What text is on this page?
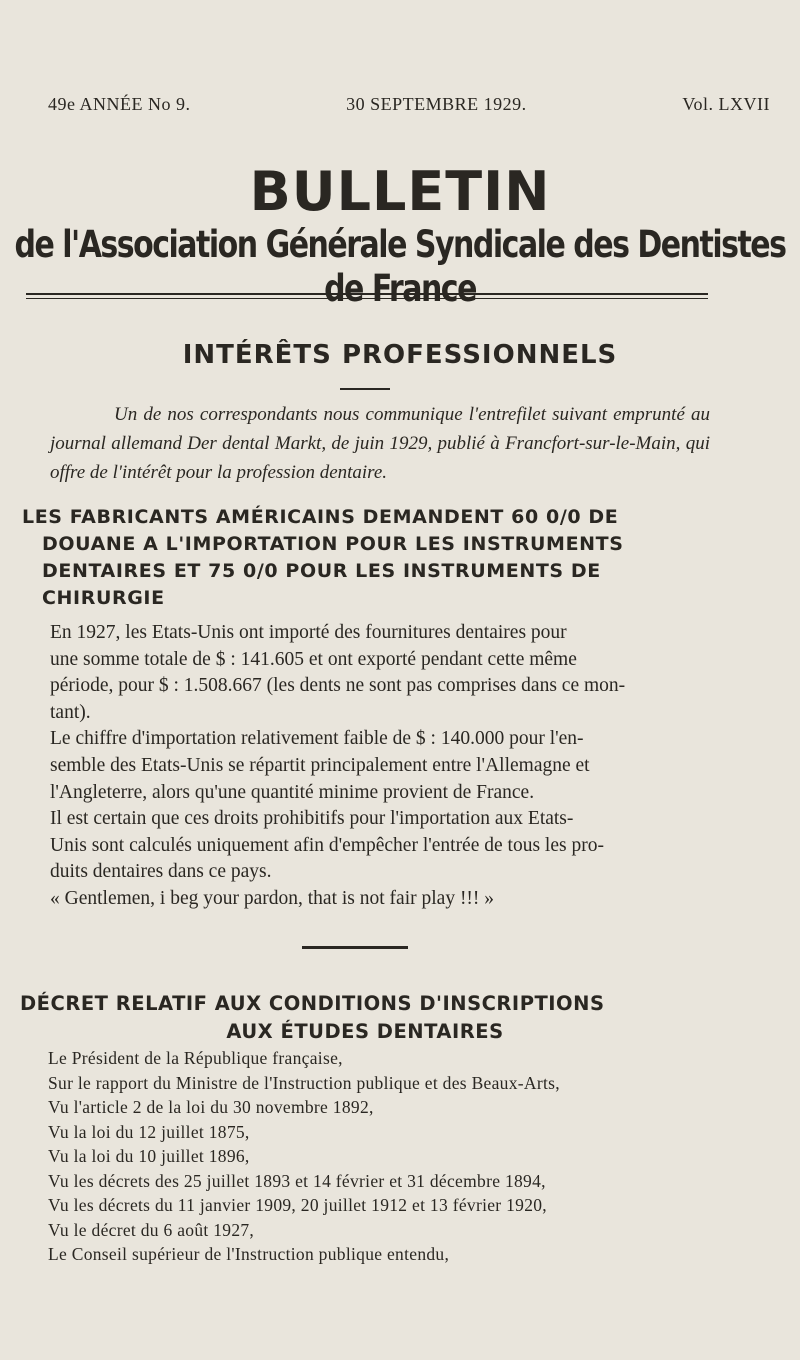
49e ANNÉE No 9.	30 SEPTEMBRE 1929.	Vol. LXVII
BULLETIN
de l'Association Générale Syndicale des Dentistes de France
INTÉRÊTS PROFESSIONNELS
Un de nos correspondants nous communique l'entrefilet suivant emprunté au journal allemand Der dental Markt, de juin 1929, publié à Francfort-sur-le-Main, qui offre de l'intérêt pour la profession dentaire.
LES FABRICANTS AMÉRICAINS DEMANDENT 60 0/0 DE
DOUANE A L'IMPORTATION POUR LES INSTRUMENTS
DENTAIRES ET 75 0/0 POUR LES INSTRUMENTS DE
CHIRURGIE

En 1927, les Etats-Unis ont importé des fournitures dentaires pour
une somme totale de $ : 141.605 et ont exporté pendant cette même
période, pour $ : 1.508.667 (les dents ne sont pas comprises dans ce mon-
tant).

Le chiffre d'importation relativement faible de $ : 140.000 pour l'en-
semble des Etats-Unis se répartit principalement entre l'Allemagne et
l'Angleterre, alors qu'une quantité minime provient de France.

Il est certain que ces droits prohibitifs pour l'importation aux Etats-
Unis sont calculés uniquement afin d'empêcher l'entrée de tous les pro-
duits dentaires dans ce pays.

« Gentlemen, i beg your pardon, that is not fair play !!! »

DÉCRET RELATIF AUX CONDITIONS D'INSCRIPTIONS
AUX ÉTUDES DENTAIRES
Le Président de la République française,
Sur le rapport du Ministre de l'Instruction publique et des Beaux-Arts,
Vu l'article 2 de la loi du 30 novembre 1892,
Vu la loi du 12 juillet 1875,
Vu la loi du 10 juillet 1896,
Vu les décrets des 25 juillet 1893 et 14 février et 31 décembre 1894,
Vu les décrets du 11 janvier 1909, 20 juillet 1912 et 13 février 1920,
Vu le décret du 6 août 1927,
Le Conseil supérieur de l'Instruction publique entendu,
